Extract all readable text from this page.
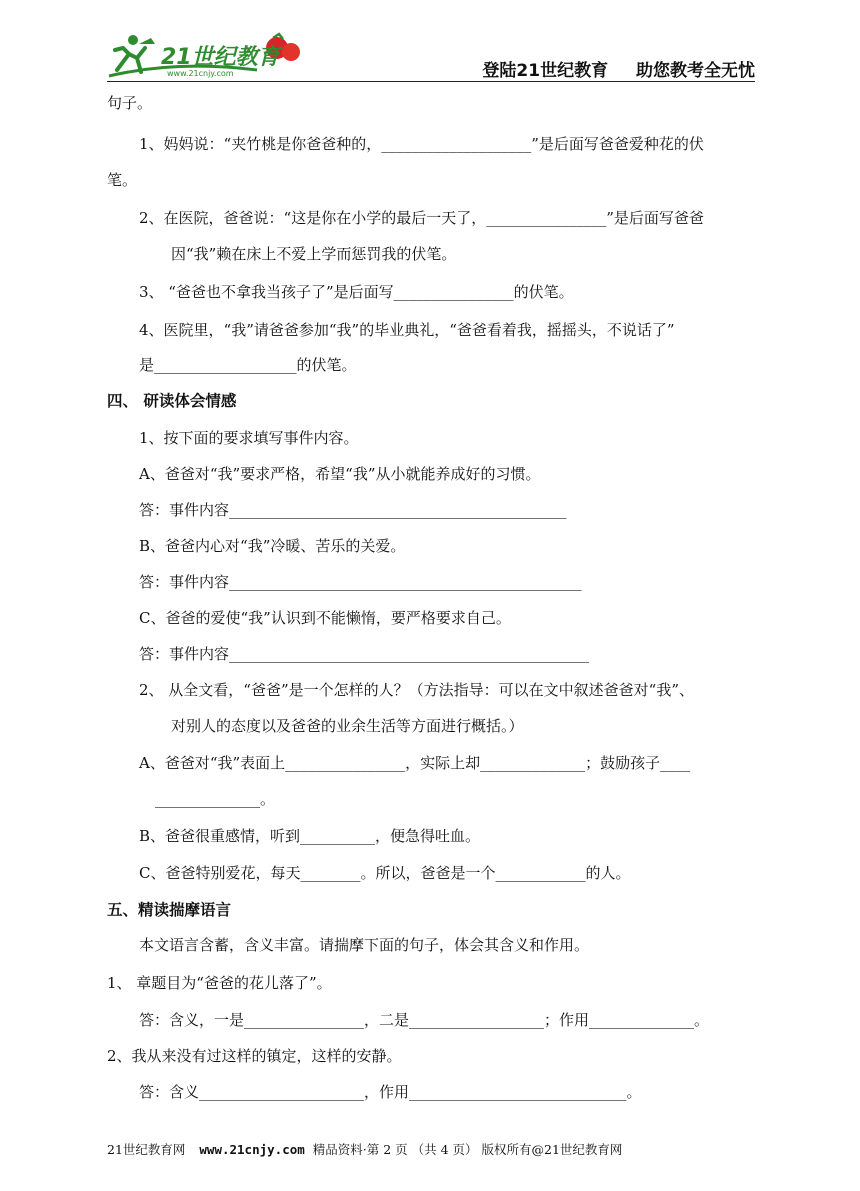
21世纪教育
www.21cnjy.com	登陆21世纪教育 助您教考全无忧
句子。
1、妈妈说：“夹竹桃是你爸爸种的，____________________”是后面写爸爸爱种花的伏
笔。
2、在医院，爸爸说：“这是你在小学的最后一天了，________________”是后面写爸爸
因“我”赖在床上不爱上学而惩罚我的伏笔。
3、 “爸爸也不拿我当孩子了”是后面写________________的伏笔。
4、医院里，“我”请爸爸参加“我”的毕业典礼，“爸爸看着我，摇摇头，不说话了”
是___________________的伏笔。
四、 研读体会情感
1、按下面的要求填写事件内容。
A、爸爸对“我”要求严格，希望“我”从小就能养成好的习惯。
答：事件内容_____________________________________________
B、爸爸内心对“我”冷暖、苦乐的关爱。
答：事件内容_______________________________________________
C、爸爸的爱使“我”认识到不能懒惰，要严格要求自己。
答：事件内容________________________________________________
2、 从全文看，“爸爸”是一个怎样的人？（方法指导：可以在文中叙述爸爸对“我”、
对别人的态度以及爸爸的业余生活等方面进行概括。）
A、爸爸对“我”表面上________________，实际上却______________；鼓励孩子____
______________。
B、爸爸很重感情，听到__________，便急得吐血。
C、爸爸特别爱花，每天________。所以，爸爸是一个____________的人。
五、精读揣摩语言
本文语言含蓄，含义丰富。请揣摩下面的句子，体会其含义和作用。
1、 章题目为“爸爸的花儿落了”。
答：含义，一是________________，二是__________________；作用______________。
2、我从来没有过这样的镇定，这样的安静。
答：含义______________________，作用_____________________________。
21世纪教育网 www.21cnjy.com 精品资料·第 2 页 （共 4 页） 版权所有@21世纪教育网
